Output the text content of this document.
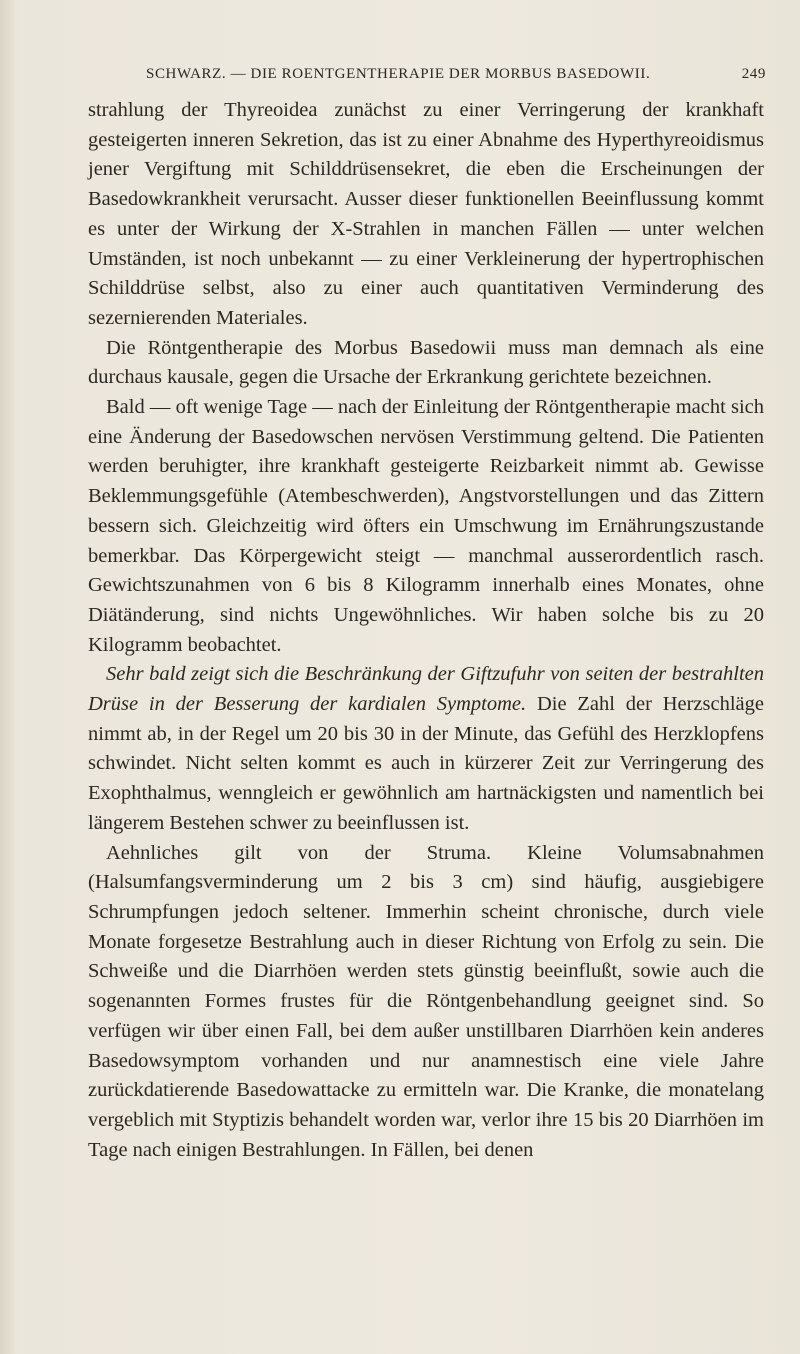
SCHWARZ. — DIE ROENTGENTHERAPIE DER MORBUS BASEDOWII.	249

strahlung der Thyreoidea zunächst zu einer Verringerung der krankhaft gesteigerten inneren Sekretion, das ist zu einer Abnahme des Hyperthyreoidismus jener Vergiftung mit Schilddrüsensekret, die eben die Erscheinungen der Basedowkrankheit verursacht. Ausser dieser funktionellen Beeinflussung kommt es unter der Wirkung der X-Strahlen in manchen Fällen — unter welchen Umständen, ist noch unbekannt — zu einer Verkleinerung der hypertrophischen Schilddrüse selbst, also zu einer auch quantitativen Verminderung des sezernierenden Materiales.

Die Röntgentherapie des Morbus Basedowii muss man demnach als eine durchaus kausale, gegen die Ursache der Erkrankung gerichtete bezeichnen.

Bald — oft wenige Tage — nach der Einleitung der Röntgentherapie macht sich eine Änderung der Basedowschen nervösen Verstimmung geltend. Die Patienten werden beruhigter, ihre krankhaft gesteigerte Reizbarkeit nimmt ab. Gewisse Beklemmungsgefühle (Atembeschwerden), Angstvorstellungen und das Zittern bessern sich. Gleichzeitig wird öfters ein Umschwung im Ernährungszustande bemerkbar. Das Körpergewicht steigt — manchmal ausserordentlich rasch. Gewichtszunahmen von 6 bis 8 Kilogramm innerhalb eines Monates, ohne Diätänderung, sind nichts Ungewöhnliches. Wir haben solche bis zu 20 Kilogramm beobachtet.

Sehr bald zeigt sich die Beschränkung der Giftzufuhr von seiten der bestrahlten Drüse in der Besserung der kardialen Symptome. Die Zahl der Herzschläge nimmt ab, in der Regel um 20 bis 30 in der Minute, das Gefühl des Herzklopfens schwindet. Nicht selten kommt es auch in kürzerer Zeit zur Verringerung des Exophthalmus, wenngleich er gewöhnlich am hartnäckigsten und namentlich bei längerem Bestehen schwer zu beeinflussen ist.

Aehnliches gilt von der Struma. Kleine Volumsabnahmen (Halsumfangsverminderung um 2 bis 3 cm) sind häufig, ausgiebigere Schrumpfungen jedoch seltener. Immerhin scheint chronische, durch viele Monate forgesetze Bestrahlung auch in dieser Richtung von Erfolg zu sein. Die Schweiße und die Diarrhöen werden stets günstig beeinflußt, sowie auch die sogenannten Formes frustes für die Röntgenbehandlung geeignet sind. So verfügen wir über einen Fall, bei dem außer unstillbaren Diarrhöen kein anderes Basedowsymptom vorhanden und nur anamnestisch eine viele Jahre zurückdatierende Basedowattacke zu ermitteln war. Die Kranke, die monatelang vergeblich mit Styptizis behandelt worden war, verlor ihre 15 bis 20 Diarrhöen im Tage nach einigen Bestrahlungen. In Fällen, bei denen
